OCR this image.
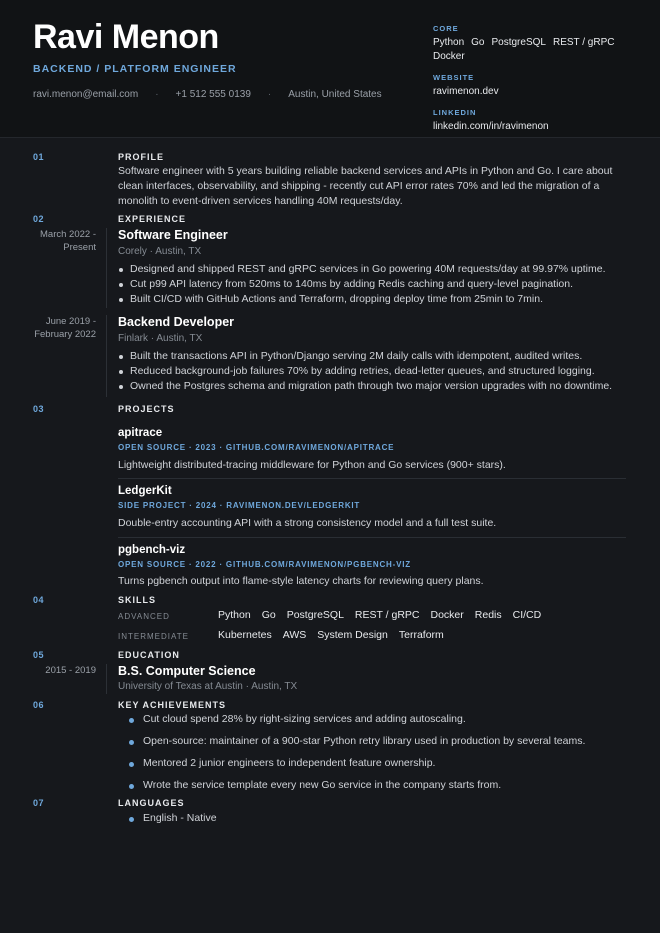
Ravi Menon
BACKEND / PLATFORM ENGINEER
ravi.menon@email.com · +1 512 555 0139 · Austin, United States
CORE
Python Go PostgreSQL REST / gRPC
Docker
WEBSITE
ravimenon.dev
LINKEDIN
linkedin.com/in/ravimenon
01	PROFILE
Software engineer with 5 years building reliable backend services and APIs in Python and Go. I care about clean interfaces, observability, and shipping - recently cut API error rates 70% and led the migration of a monolith to event-driven services handling 40M requests/day.
02	EXPERIENCE
March 2022 -
Present
Software Engineer
Corely · Austin, TX
Designed and shipped REST and gRPC services in Go powering 40M requests/day at 99.97% uptime.
Cut p99 API latency from 520ms to 140ms by adding Redis caching and query-level pagination.
Built CI/CD with GitHub Actions and Terraform, dropping deploy time from 25min to 7min.
June 2019 -
February 2022
Backend Developer
Finlark · Austin, TX
Built the transactions API in Python/Django serving 2M daily calls with idempotent, audited writes.
Reduced background-job failures 70% by adding retries, dead-letter queues, and structured logging.
Owned the Postgres schema and migration path through two major version upgrades with no downtime.
03	PROJECTS
apitrace
OPEN SOURCE · 2023 · GITHUB.COM/RAVIMENON/APITRACE
Lightweight distributed-tracing middleware for Python and Go services (900+ stars).
LedgerKit
SIDE PROJECT · 2024 · RAVIMENON.DEV/LEDGERKIT
Double-entry accounting API with a strong consistency model and a full test suite.
pgbench-viz
OPEN SOURCE · 2022 · GITHUB.COM/RAVIMENON/PGBENCH-VIZ
Turns pgbench output into flame-style latency charts for reviewing query plans.
04	SKILLS
ADVANCED	Python Go PostgreSQL REST / gRPC Docker Redis CI/CD
INTERMEDIATE	Kubernetes AWS System Design Terraform
05	EDUCATION
2015 - 2019 B.S. Computer Science
University of Texas at Austin · Austin, TX
06	KEY ACHIEVEMENTS
Cut cloud spend 28% by right-sizing services and adding autoscaling.
Open-source: maintainer of a 900-star Python retry library used in production by several teams.
Mentored 2 junior engineers to independent feature ownership.
Wrote the service template every new Go service in the company starts from.
07	LANGUAGES
English - Native
